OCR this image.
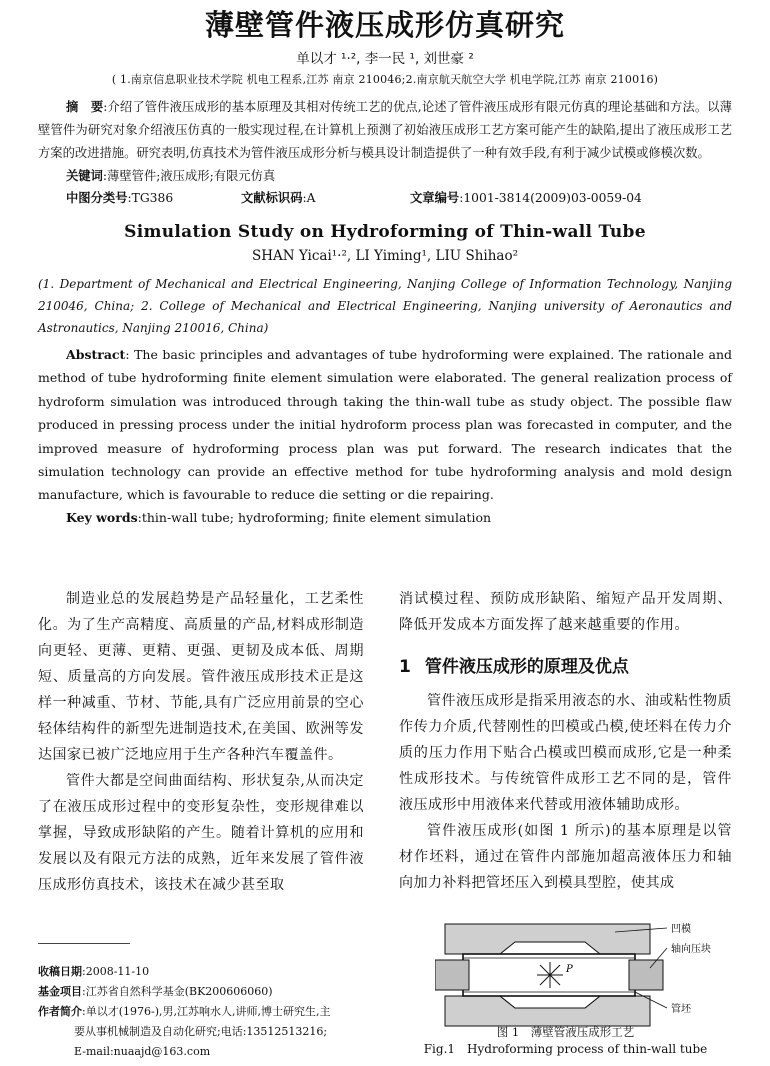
薄壁管件液压成形仿真研究
单以才 ¹·², 李一民 ¹, 刘世豪 ²
( 1.南京信息职业技术学院 机电工程系,江苏 南京 210046;2.南京航天航空大学 机电学院,江苏 南京 210016)
摘　要:介绍了管件液压成形的基本原理及其相对传统工艺的优点,论述了管件液压成形有限元仿真的理论基础和方法。以薄壁管件为研究对象介绍液压仿真的一般实现过程,在计算机上预测了初始液压成形工艺方案可能产生的缺陷,提出了液压成形工艺方案的改进措施。研究表明,仿真技术为管件液压成形分析与模具设计制造提供了一种有效手段,有利于减少试模或修模次数。
关键词:薄壁管件;液压成形;有限元仿真
中图分类号:TG386	文献标识码:A	文章编号:1001-3814(2009)03-0059-04
Simulation Study on Hydroforming of Thin-wall Tube
SHAN Yicai¹·², LI Yiming¹, LIU Shihao²
(1. Department of Mechanical and Electrical Engineering, Nanjing College of Information Technology, Nanjing 210046, China; 2. College of Mechanical and Electrical Engineering, Nanjing university of Aeronautics and Astronautics, Nanjing 210016, China)
Abstract: The basic principles and advantages of tube hydroforming were explained. The rationale and method of tube hydroforming finite element simulation were elaborated. The general realization process of hydroform simulation was introduced through taking the thin-wall tube as study object. The possible flaw produced in pressing process under the initial hydroform process plan was forecasted in computer, and the improved measure of hydroforming process plan was put forward. The research indicates that the simulation technology can provide an effective method for tube hydroforming analysis and mold design manufacture, which is favourable to reduce die setting or die repairing.
Key words:thin-wall tube; hydroforming; finite element simulation

制造业总的发展趋势是产品轻量化，工艺柔性化。为了生产高精度、高质量的产品,材料成形制造向更轻、更薄、更精、更强、更韧及成本低、周期短、质量高的方向发展。管件液压成形技术正是这样一种减重、节材、节能,具有广泛应用前景的空心轻体结构件的新型先进制造技术,在美国、欧洲等发达国家已被广泛地应用于生产各种汽车覆盖件。

管件大都是空间曲面结构、形状复杂,从而决定了在液压成形过程中的变形复杂性，变形规律难以掌握，导致成形缺陷的产生。随着计算机的应用和发展以及有限元方法的成熟，近年来发展了管件液压成形仿真技术，该技术在减少甚至取

收稿日期:2008-11-10
基金项目:江苏省自然科学基金(BK200606060)
作者简介:单以才(1976-),男,江苏响水人,讲师,博士研究生,主
要从事机械制造及自动化研究;电话:13512513216;
E-mail:nuaajd@163.com

消试模过程、预防成形缺陷、缩短产品开发周期、降低开发成本方面发挥了越来越重要的作用。

1 管件液压成形的原理及优点

管件液压成形是指采用液态的水、油或粘性物质作传力介质,代替刚性的凹模或凸模,使坯料在传力介质的压力作用下贴合凸模或凹模而成形,它是一种柔性成形技术。与传统管件成形工艺不同的是，管件液压成形中用液体来代替或用液体辅助成形。

管件液压成形(如图 1 所示)的基本原理是以管材作坯料，通过在管件内部施加超高液体压力和轴向加力补料把管坯压入到模具型腔，使其成

P
凹模
轴向压块
管坯
图 1　薄壁管液压成形工艺
Fig.1　Hydroforming process of thin-wall tube
